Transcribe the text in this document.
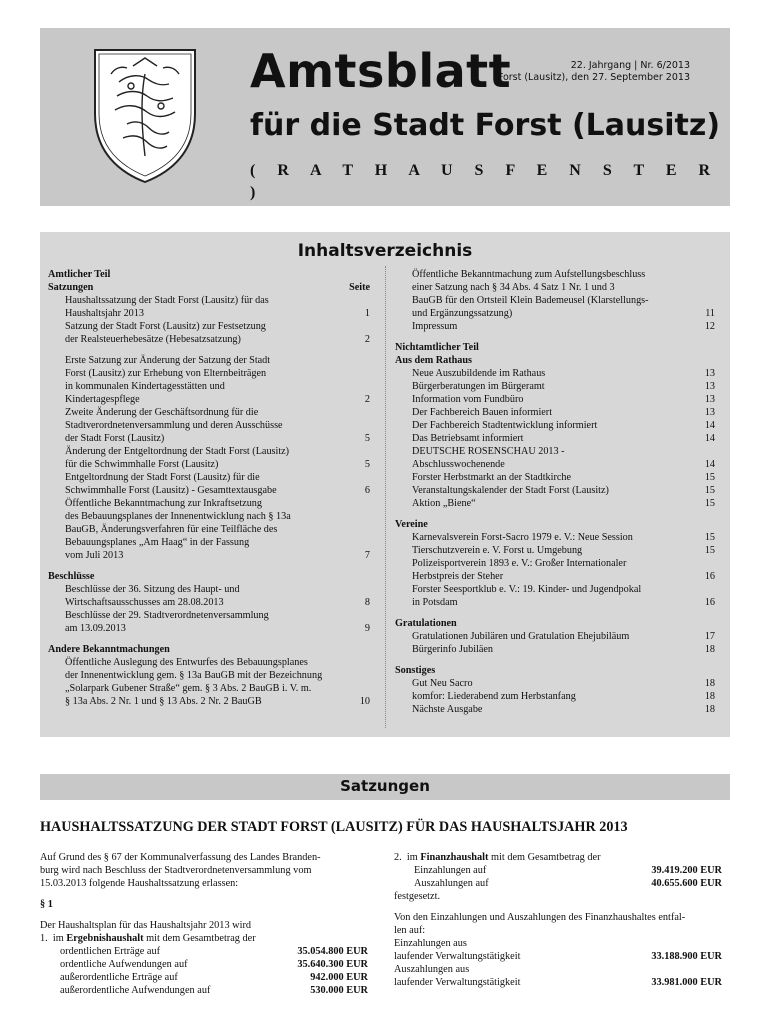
Amtsblatt	22. Jahrgang | Nr. 6/2013
Forst (Lausitz), den 27. September 2013
für die Stadt Forst (Lausitz)
( R A T H A U S F E N S T E R )
Inhaltsverzeichnis
Amtlicher Teil
Satzungen	Seite
Haushaltssatzung der Stadt Forst (Lausitz) für das
Haushaltsjahr 2013	1
Satzung der Stadt Forst (Lausitz) zur Festsetzung
der Realsteuerhebesätze (Hebesatzsatzung)	2
Erste Satzung zur Änderung der Satzung der Stadt
Forst (Lausitz) zur Erhebung von Elternbeiträgen
in kommunalen Kindertagesstätten und
Kindertagespflege	2
Zweite Änderung der Geschäftsordnung für die
Stadtverordnetenversammlung und deren Ausschüsse
der Stadt Forst (Lausitz)	5
Änderung der Entgeltordnung der Stadt Forst (Lausitz)
für die Schwimmhalle Forst (Lausitz)	5
Entgeltordnung der Stadt Forst (Lausitz) für die
Schwimmhalle Forst (Lausitz) - Gesamttextausgabe	6
Öffentliche Bekanntmachung zur Inkraftsetzung
des Bebauungsplanes der Innenentwicklung nach § 13a
BauGB, Änderungsverfahren für eine Teilfläche des
Bebauungsplanes „Am Haag“ in der Fassung
vom Juli 2013	7
Beschlüsse
Beschlüsse der 36. Sitzung des Haupt- und
Wirtschaftsausschusses am 28.08.2013	8
Beschlüsse der 29. Stadtverordnetenversammlung
am 13.09.2013	9
Andere Bekanntmachungen
Öffentliche Auslegung des Entwurfes des Bebauungsplanes
der Innenentwicklung gem. § 13a BauGB mit der Bezeichnung
„Solarpark Gubener Straße“ gem. § 3 Abs. 2 BauGB i. V. m.
§ 13a Abs. 2 Nr. 1 und § 13 Abs. 2 Nr. 2 BauGB	10
Öffentliche Bekanntmachung zum Aufstellungsbeschluss
einer Satzung nach § 34 Abs. 4 Satz 1 Nr. 1 und 3
BauGB für den Ortsteil Klein Bademeusel (Klarstellungs-
und Ergänzungssatzung)	11
Impressum	12
Nichtamtlicher Teil
Aus dem Rathaus
Neue Auszubildende im Rathaus	13
Bürgerberatungen im Bürgeramt	13
Information vom Fundbüro	13
Der Fachbereich Bauen informiert	13
Der Fachbereich Stadtentwicklung informiert	14
Das Betriebsamt informiert	14
DEUTSCHE ROSENSCHAU 2013 -
Abschlusswochenende	14
Forster Herbstmarkt an der Stadtkirche	15
Veranstaltungskalender der Stadt Forst (Lausitz)	15
Aktion „Biene“	15
Vereine
Karnevalsverein Forst-Sacro 1979 e. V.: Neue Session	15
Tierschutzverein e. V. Forst u. Umgebung	15
Polizeisportverein 1893 e. V.: Großer Internationaler
Herbstpreis der Steher	16
Forster Seesportklub e. V.: 19. Kinder- und Jugendpokal
in Potsdam	16
Gratulationen
Gratulationen Jubilären und Gratulation Ehejubiläum	17
Bürgerinfo Jubiläen	18
Sonstiges
Gut Neu Sacro	18
komfor: Liederabend zum Herbstanfang	18
Nächste Ausgabe	18
Satzungen
HAUSHALTSSATZUNG DER STADT FORST (LAUSITZ) FÜR DAS HAUSHALTSJAHR 2013
Auf Grund des § 67 der Kommunalverfassung des Landes Branden-
burg wird nach Beschluss der Stadtverordnetenversammlung vom
15.03.2013 folgende Haushaltssatzung erlassen:
§ 1
Der Haushaltsplan für das Haushaltsjahr 2013 wird
1.  im Ergebnishaushalt mit dem Gesamtbetrag der
ordentlichen Erträge auf	35.054.800 EUR
ordentliche Aufwendungen auf	35.640.300 EUR
außerordentliche Erträge auf	942.000 EUR
außerordentliche Aufwendungen auf	530.000 EUR
2.  im Finanzhaushalt mit dem Gesamtbetrag der
Einzahlungen auf	39.419.200 EUR
Auszahlungen auf	40.655.600 EUR
festgesetzt.
Von den Einzahlungen und Auszahlungen des Finanzhaushaltes entfal-
len auf:
Einzahlungen aus
laufender Verwaltungstätigkeit	33.188.900 EUR
Auszahlungen aus
laufender Verwaltungstätigkeit	33.981.000 EUR
